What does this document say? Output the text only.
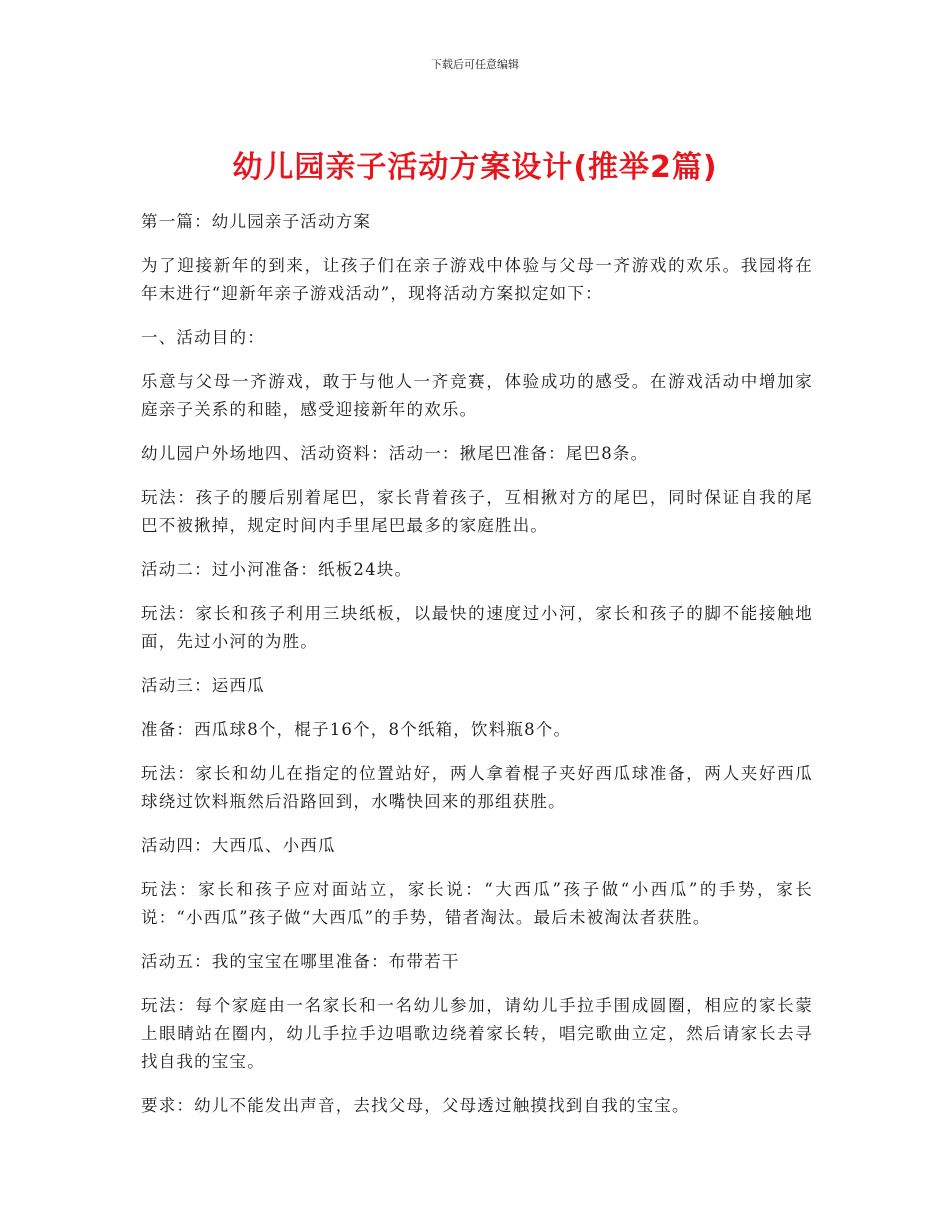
下载后可任意编辑
幼儿园亲子活动方案设计(推举2篇)

第一篇：幼儿园亲子活动方案

为了迎接新年的到来，让孩子们在亲子游戏中体验与父母一齐游戏的欢乐。我园将在年末进行“迎新年亲子游戏活动”，现将活动方案拟定如下：

一、活动目的：

乐意与父母一齐游戏，敢于与他人一齐竞赛，体验成功的感受。在游戏活动中增加家庭亲子关系的和睦，感受迎接新年的欢乐。

幼儿园户外场地四、活动资料：活动一：揪尾巴准备：尾巴8条。

玩法：孩子的腰后别着尾巴，家长背着孩子，互相揪对方的尾巴，同时保证自我的尾巴不被揪掉，规定时间内手里尾巴最多的家庭胜出。

活动二：过小河准备：纸板24块。

玩法：家长和孩子利用三块纸板，以最快的速度过小河，家长和孩子的脚不能接触地面，先过小河的为胜。

活动三：运西瓜

准备：西瓜球8个，棍子16个，8个纸箱，饮料瓶8个。

玩法：家长和幼儿在指定的位置站好，两人拿着棍子夹好西瓜球准备，两人夹好西瓜球绕过饮料瓶然后沿路回到，水嘴快回来的那组获胜。

活动四：大西瓜、小西瓜

玩法：家长和孩子应对面站立，家长说：“大西瓜”孩子做“小西瓜”的手势，家长说：“小西瓜”孩子做“大西瓜”的手势，错者淘汰。最后未被淘汰者获胜。

活动五：我的宝宝在哪里准备：布带若干

玩法：每个家庭由一名家长和一名幼儿参加，请幼儿手拉手围成圆圈，相应的家长蒙上眼睛站在圈内，幼儿手拉手边唱歌边绕着家长转，唱完歌曲立定，然后请家长去寻找自我的宝宝。

要求：幼儿不能发出声音，去找父母，父母透过触摸找到自我的宝宝。
